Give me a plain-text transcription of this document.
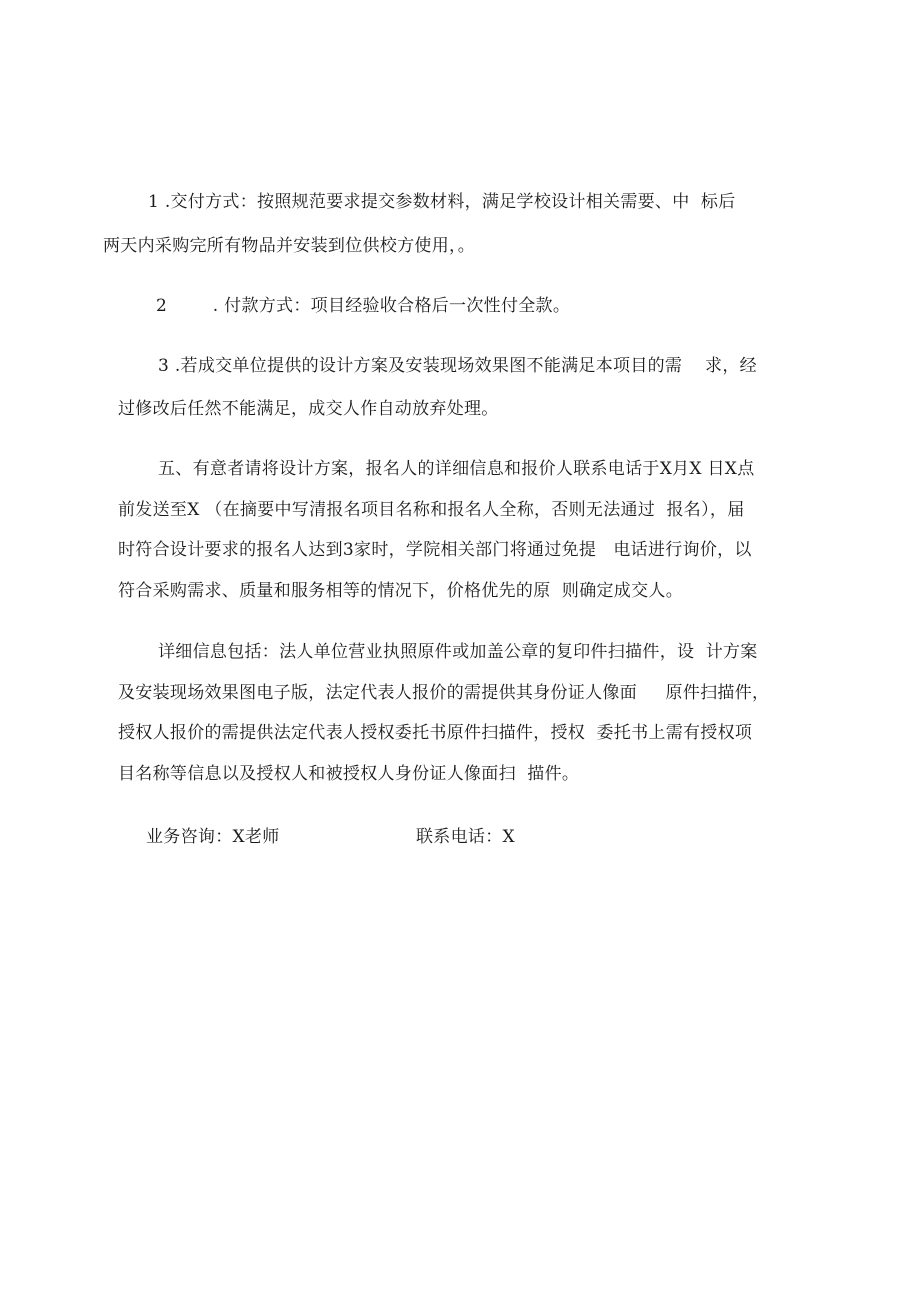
1 .交付方式：按照规范要求提交参数材料，满足学校设计相关需要、中  标后
两天内采购完所有物品并安装到位供校方使用，。
2        . 付款方式：项目经验收合格后一次性付全款。
3 .若成交单位提供的设计方案及安装现场效果图不能满足本项目的需    求，经
过修改后任然不能满足，成交人作自动放弃处理。
五、有意者请将设计方案，报名人的详细信息和报价人联系电话于X月X 日X点
前发送至X （在摘要中写清报名项目名称和报名人全称，否则无法通过  报名），届
时符合设计要求的报名人达到3家时，学院相关部门将通过免提   电话进行询价，以
符合采购需求、质量和服务相等的情况下，价格优先的原  则确定成交人。
详细信息包括：法人单位营业执照原件或加盖公章的复印件扫描件，设  计方案
及安装现场效果图电子版，法定代表人报价的需提供其身份证人像面     原件扫描件，
授权人报价的需提供法定代表人授权委托书原件扫描件，授权  委托书上需有授权项
目名称等信息以及授权人和被授权人身份证人像面扫  描件。
业务咨询：X老师	联系电话：X
